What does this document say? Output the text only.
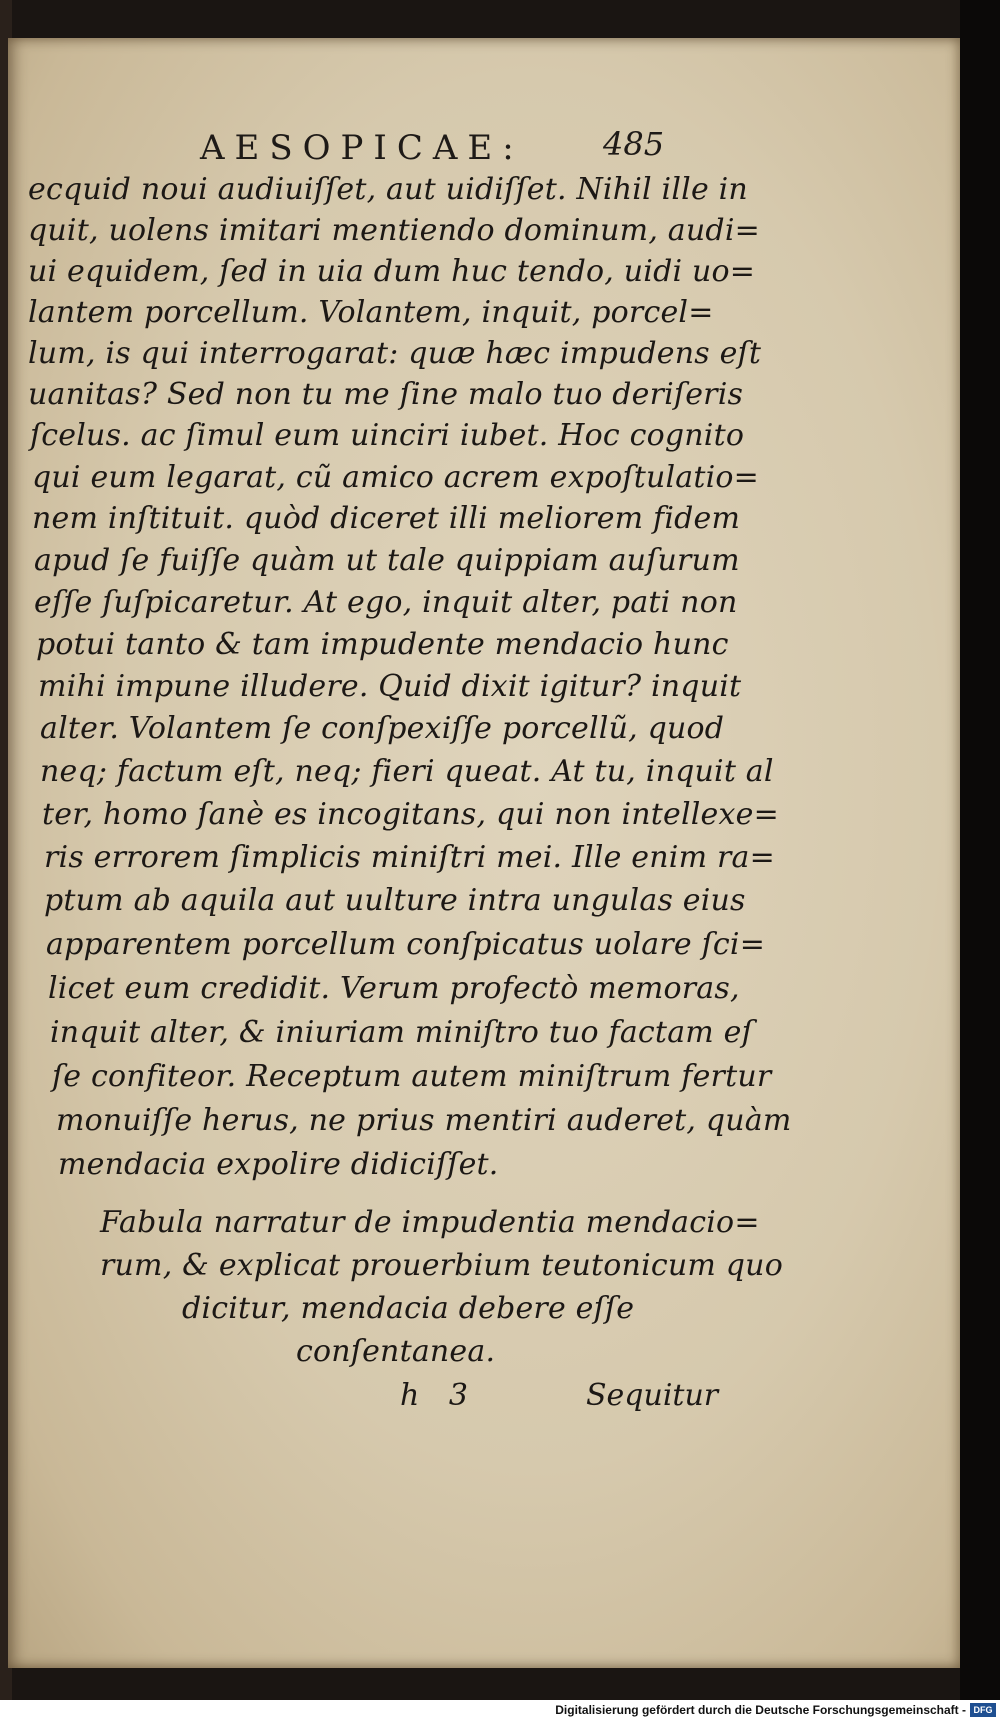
AESOPICAE: 485
ecquid noui audiuiſſet, aut uidiſſet. Nihil ille in
quit, uolens imitari mentiendo dominum, audi=
ui equidem, ſed in uia dum huc tendo, uidi uo=
lantem porcellum. Volantem, inquit, porcel=
lum, is qui interrogarat: quæ hæc impudens eſt
uanitas? Sed non tu me ſine malo tuo deriſeris
ſcelus. ac ſimul eum uinciri iubet. Hoc cognito
qui eum legarat, cũ amico acrem expoſtulatio=
nem inſtituit. quòd diceret illi meliorem fidem
apud ſe fuiſſe quàm ut tale quippiam auſurum
eſſe ſuſpicaretur. At ego, inquit alter, pati non
potui tanto & tam impudente mendacio hunc
mihi impune illudere. Quid dixit igitur? inquit
alter. Volantem ſe conſpexiſſe porcellũ, quod
neq; factum eſt, neq; fieri queat. At tu, inquit al
ter, homo ſanè es incogitans, qui non intellexe=
ris errorem ſimplicis miniſtri mei. Ille enim ra=
ptum ab aquila aut uulture intra ungulas eius
apparentem porcellum conſpicatus uolare ſci=
licet eum credidit. Verum profectò memoras,
inquit alter, & iniuriam miniſtro tuo factam eſ
ſe confiteor. Receptum autem miniſtrum fertur
monuiſſe herus, ne prius mentiri auderet, quàm
mendacia expolire didiciſſet.
Fabula narratur de impudentia mendacio=
rum, & explicat prouerbium teutonicum quo
dicitur, mendacia debere eſſe
conſentanea.
h 3	Sequitur
Digitalisierung gefördert durch die Deutsche Forschungsgemeinschaft - DFG
